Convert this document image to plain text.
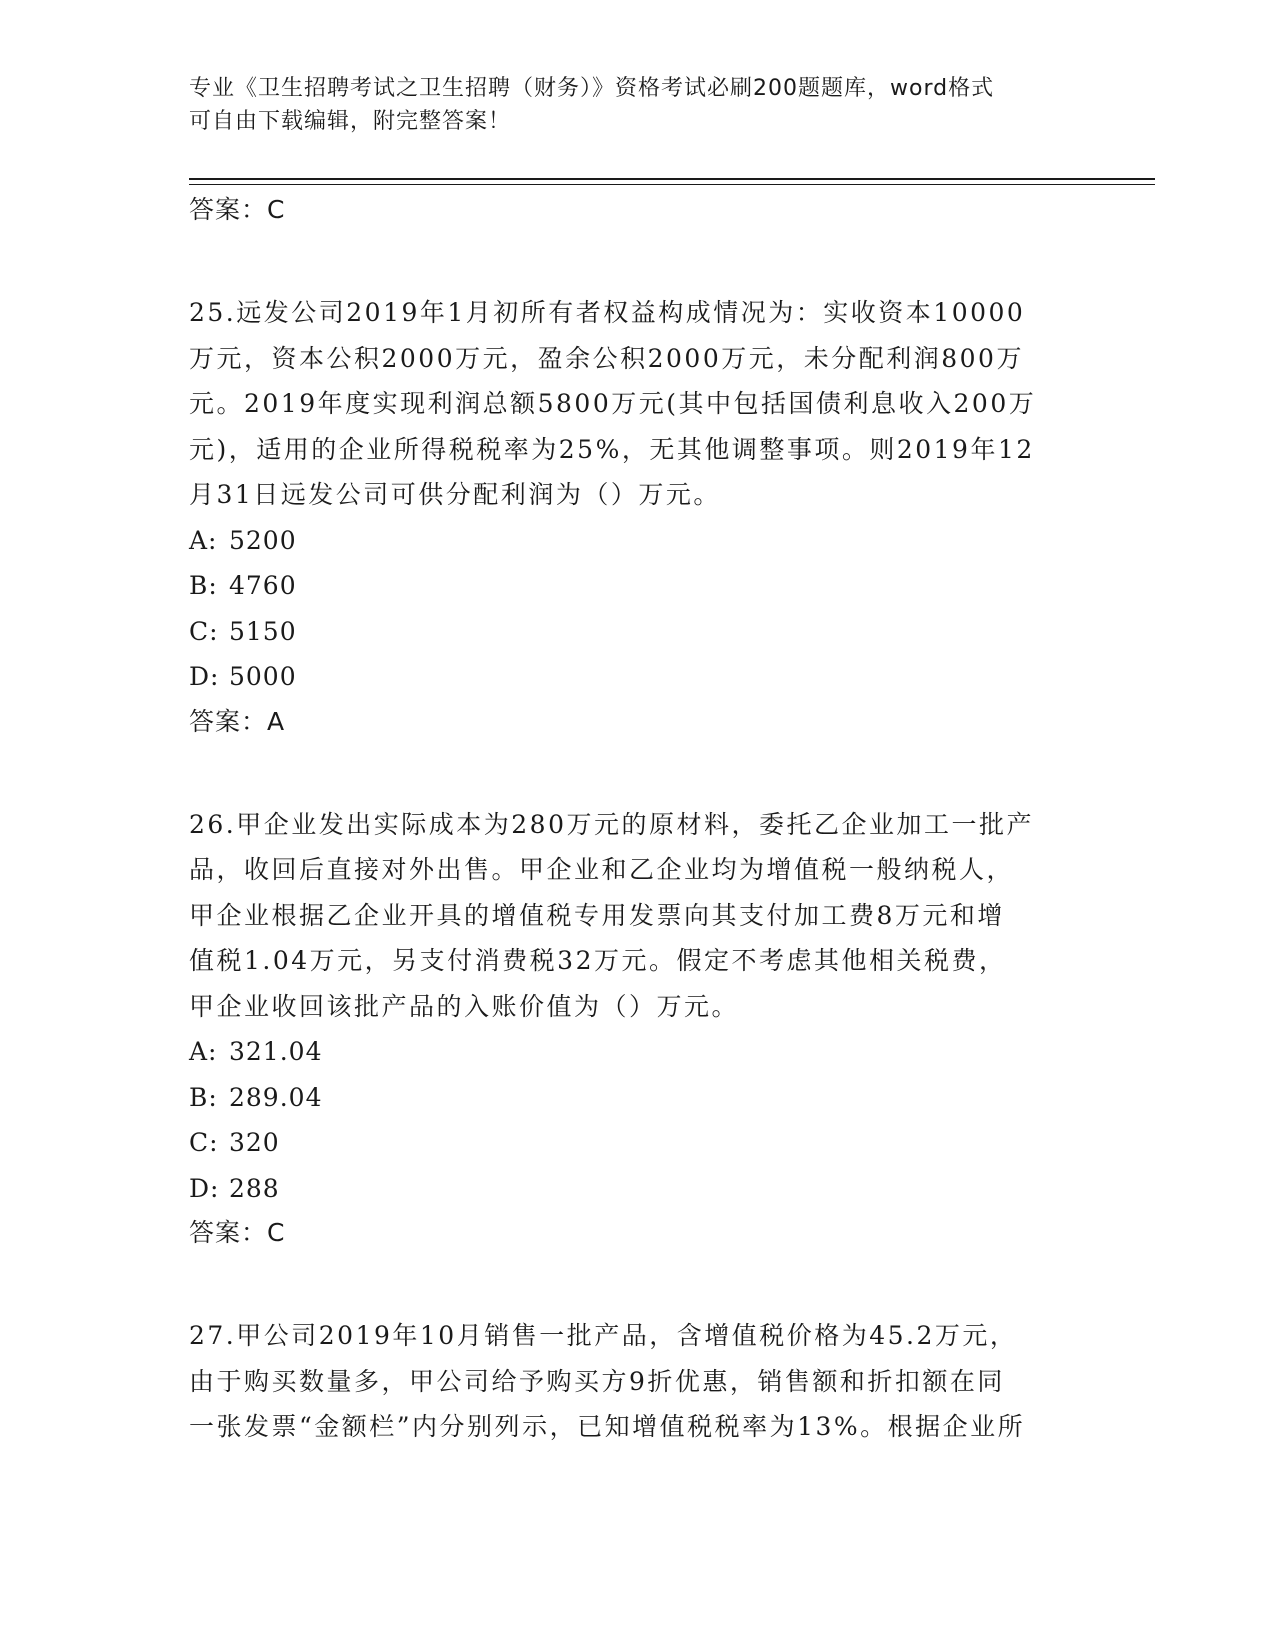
专业《卫生招聘考试之卫生招聘（财务）》资格考试必刷200题题库，word格式
可自由下载编辑，附完整答案！
答案：C
25.远发公司2019年1月初所有者权益构成情况为：实收资本10000
万元，资本公积2000万元，盈余公积2000万元，未分配利润800万
元。2019年度实现利润总额5800万元(其中包括国债利息收入200万
元)，适用的企业所得税税率为25%，无其他调整事项。则2019年12
月31日远发公司可供分配利润为（）万元。
A: 5200
B: 4760
C: 5150
D: 5000
答案：A
26.甲企业发出实际成本为280万元的原材料，委托乙企业加工一批产
品，收回后直接对外出售。甲企业和乙企业均为增值税一般纳税人，
甲企业根据乙企业开具的增值税专用发票向其支付加工费8万元和增
值税1.04万元，另支付消费税32万元。假定不考虑其他相关税费，
甲企业收回该批产品的入账价值为（）万元。
A: 321.04
B: 289.04
C: 320
D: 288
答案：C
27.甲公司2019年10月销售一批产品，含增值税价格为45.2万元，
由于购买数量多，甲公司给予购买方9折优惠，销售额和折扣额在同
一张发票“金额栏”内分别列示，已知增值税税率为13%。根据企业所
